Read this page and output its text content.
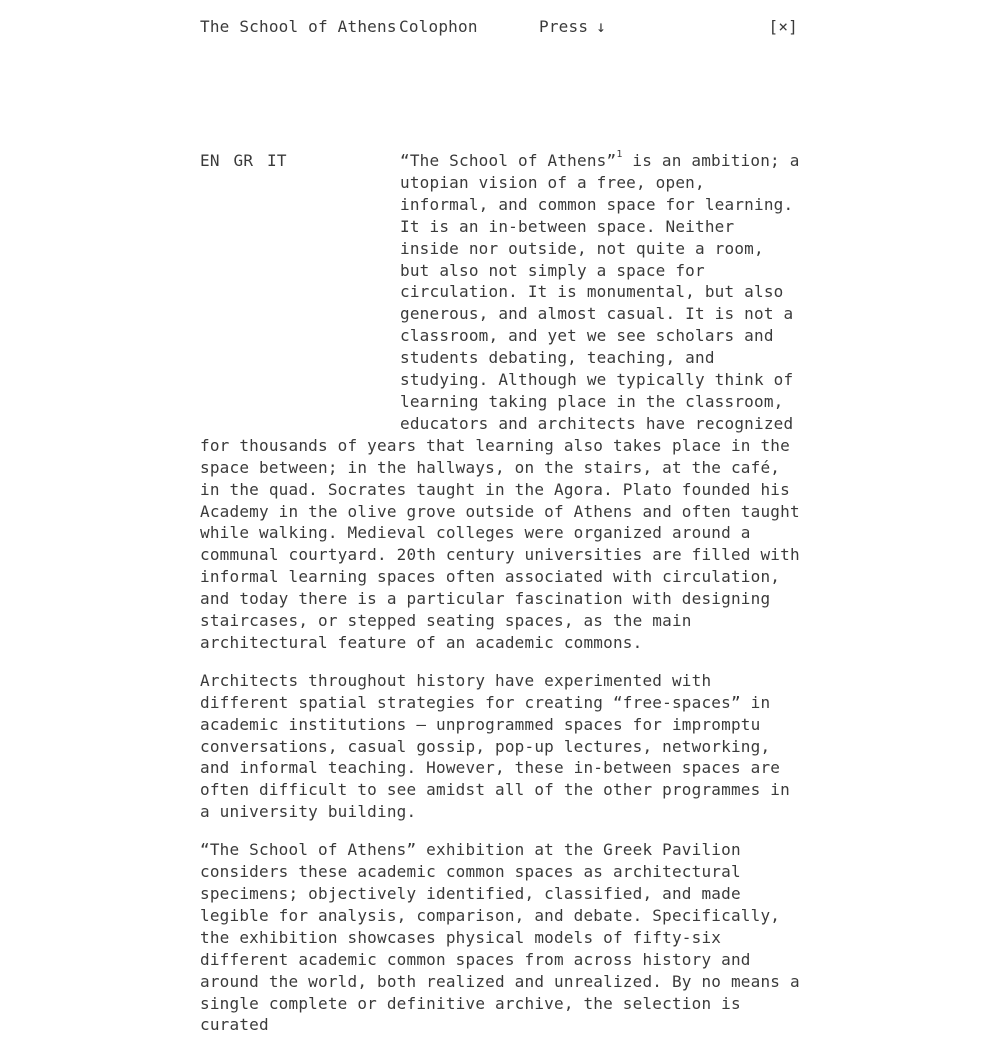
The School of Athens Colophon	Press ↓	[×]
EN GR IT	“The School of Athens”$^1$ is an ambition; a utopian vision of a free, open, informal, and common space for learning. It is an in-between space. Neither inside nor outside, not quite a room, but also not simply a space for circulation. It is monumental, but also generous, and almost casual. It is not a classroom, and yet we see scholars and students debating, teaching, and studying. Although we typically think of learning taking place in the classroom, educators and architects have recognized for thousands of years that learning also takes place in the space between; in the hallways, on the stairs, at the café, in the quad. Socrates taught in the Agora. Plato founded his Academy in the olive grove outside of Athens and often taught while walking. Medieval colleges were organized around a communal courtyard. 20th century universities are filled with informal learning spaces often associated with circulation, and today there is a particular fascination with designing staircases, or stepped seating spaces, as the main architectural feature of an academic commons.

Architects throughout history have experimented with different spatial strategies for creating “free-spaces” in academic institutions – unprogrammed spaces for impromptu conversations, casual gossip, pop-up lectures, networking, and informal teaching. However, these in-between spaces are often difficult to see amidst all of the other programmes in a university building.

“The School of Athens” exhibition at the Greek Pavilion considers these academic common spaces as architectural specimens; objectively identified, classified, and made legible for analysis, comparison, and debate. Specifically, the exhibition showcases physical models of fifty-six different academic common spaces from across history and around the world, both realized and unrealized. By no means a single complete or definitive archive, the selection is curated
